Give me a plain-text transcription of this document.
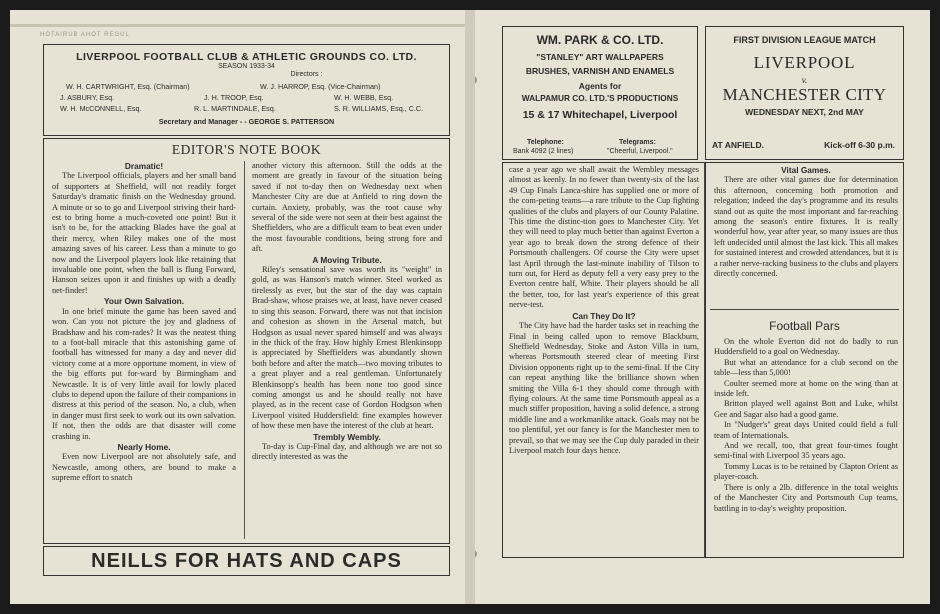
HOTAIRUB AHOT REGUL
LIVERPOOL FOOTBALL CLUB & ATHLETIC GROUNDS CO. LTD.
SEASON 1933-34
Directors :
W. H. CARTWRIGHT, Esq. (Chairman)	W. J. HARROP, Esq. (Vice-Chairman)
J. ASBURY, Esq.	J. H. TROOP, Esq.	W. H. WEBB, Esq.
W. H. McCONNELL, Esq.	R. L. MARTINDALE, Esq.	S. R. WILLIAMS, Esq., C.C.
Secretary and Manager - - GEORGE S. PATTERSON
EDITOR'S NOTE BOOK

Dramatic!

The Liverpool officials, players and her small band of supporters at Sheffield, will not readily forget Saturday's dramatic finish on the Wednesday ground. A minute or so to go and Liverpool striving their hard-est to bring home a much-coveted one point! But it isn't to be, for the attacking Blades have the goal at their mercy, when Riley makes one of the most amazing saves of his career. Less than a minute to go now and the Liverpool players look like retaining that invaluable one point, when the ball is flung Forward, Hanson seizes upon it and finishes up with a deadly net-finder!

Your Own Salvation.

In one brief minute the game has been saved and won. Can you not picture the joy and gladness of Bradshaw and his com-rades? It was the neatest thing to a foot-ball miracle that this astonishing game of football has witnessed for many a day and never did victory come at a more opportune moment, in view of the big efforts put for-ward by Birmingham and Newcastle. It is of very little avail for lowly placed clubs to depend upon the failure of their companions in distress at this period of the season. No, a club, when in danger must first seek to work out its own salvation. If not, then the odds are that disaster will come crashing in.

Nearly Home.

Even now Liverpool are not absolutely safe, and Newcastle, among others, are bound to make a supreme effort to snatch

another victory this afternoon. Still the odds at the moment are greatly in favour of the situation being saved if not to-day then on Wednesday next when Manchester City are due at Anfield to ring down the curtain. Anxiety, probably, was the root cause why several of the side were not seen at their best against the Sheffielders, who are a difficult team to beat even under the most favourable conditions, being strong fore and aft.

A Moving Tribute.

Riley's sensational save was worth its "weight" in gold, as was Hanson's match winner. Steel worked as tirelessly as ever, but the star of the day was captain Brad-shaw, whose praises we, at least, have never ceased to sing this season. Forward, there was not that incision and cohesion as shown in the Arsenal match, but Hodgson as usual never spared himself and was always in the thick of the fray. How highly Ernest Blenkinsopp is appreciated by Sheffielders was abundantly shown both before and after the match—two moving tributes to a great player and a real gentleman. Unfortunately Blenkinsopp's health has been none too good since coming amongst us and he should really not have played, as in the recent case of Gordon Hodgson when Liverpool visited Huddersfield: fine examples however of how these men have the interest of the club at heart.

Trembly Wembly.

To-day is Cup-Final day, and although we are not so directly interested as was the

NEILLS FOR HATS AND CAPS
WM. PARK & CO. LTD.
"STANLEY" ART WALLPAPERS
BRUSHES, VARNISH AND ENAMELS
Agents for
WALPAMUR CO. LTD.'S PRODUCTIONS
15 & 17 Whitechapel, Liverpool
Telephone:	Telegrams:
Bank 4092 (2 lines)	"Cheerful, Liverpool."
FIRST DIVISION LEAGUE MATCH
LIVERPOOL
v.
MANCHESTER CITY
WEDNESDAY NEXT, 2nd MAY
AT ANFIELD.	Kick-off 6-30 p.m.

case a year ago we shall await the Wembley messages almost as keenly. In no fewer than twenty-six of the last 49 Cup Finals Lanca-shire has supplied one or more of the com-peting teams—a rare tribute to the Cup fighting qualities of the clubs and players of our County Palatine. This time the distinc-tion goes to Manchester City. Yet they will need to play much better than against Everton a year ago to break down the strong defence of their Portsmouth challengers. Of course the City were upset last April through the last-minute inability of Tilson to turn out, for Herd as deputy fell a very easy prey to the Everton centre half, White. Their players should be all the better, too, for last year's experience of this great nerve-test.

Can They Do It?

The City have had the harder tasks set in reaching the Final in being called upon to remove Blackburn, Sheffield Wednesday, Stoke and Aston Villa in turn, whereas Portsmouth steered clear of meeting First Division opponents right up to the semi-final. If the City can repeat anything like the brilliance shown when smiting the Villa 6-1 they should come through with flying colours. At the same time Portsmouth appeal as a much stiffer proposition, having a solid defence, a strong middle line and a workmanlike attack. Goals may not be too plentiful, yet our fancy is for the Manchester men to prevail, so that we may see the Cup duly paraded in their Liverpool match four days hence.

Vital Games.

There are other vital games due for determination this afternoon, concerning both promotion and relegation; indeed the day's programme and its results stand out as quite the most important and far-reaching among the season's entire fixtures. It is really wonderful how, year after year, so many issues are thus left undecided until almost the last kick. This all makes for sustained interest and crowded attendances, but it is a rather nerve-racking business to the clubs and players directly concerned.

Football Pars

On the whole Everton did not do badly to run Huddersfield to a goal on Wednesday.

But what an attendance for a club second on the table—less than 5,000!

Coulter seemed more at home on the wing than at inside left.

Britton played well against Bott and Luke, whilst Gee and Sagar also had a good game.

In "Nudger's" great days United could field a full team of Internationals.

And we recall, too, that great four-times fought semi-final with Liverpool 35 years ago.

Tommy Lucas is to be retained by Clapton Orient as player-coach.

There is only a 2lb. difference in the total weights of the Manchester City and Portsmouth Cup teams, battling in to-day's weighty proposition.
